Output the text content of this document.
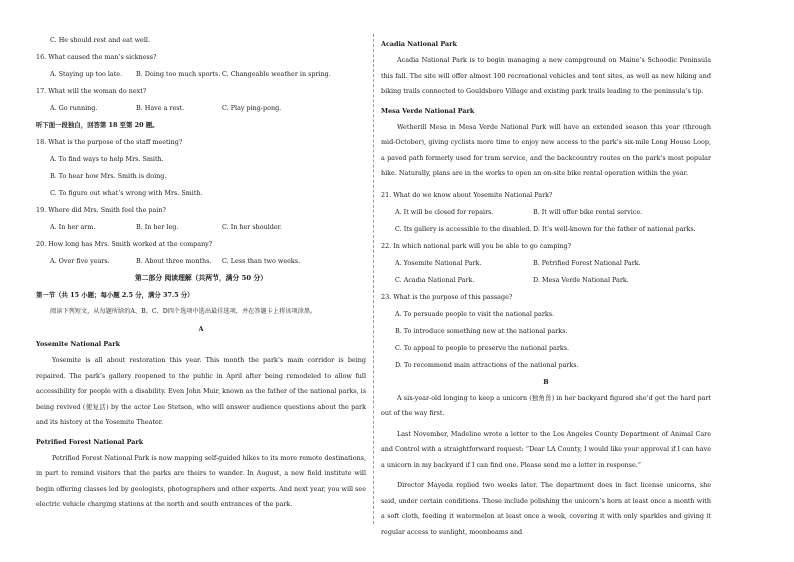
C. He should rest and eat well.
16. What caused the man’s sickness?
A. Staying up too late.	B. Doing too much sports. C. Changeable weather in spring.
17. What will the woman do next?
A. Go running.	B. Have a rest.	C. Play ping-pong.
听下面一段独白，回答第 18 至第 20 题。
18. What is the purpose of the staff meeting?
A. To find ways to help Mrs. Smith.
B. To hear how Mrs. Smith is doing.
C. To figure out what’s wrong with Mrs. Smith.
19. Where did Mrs. Smith feel the pain?
A. In her arm.	B. In her leg.	C. In her shoulder.
20. How long has Mrs. Smith worked at the company?
A. Over five years.	B. About three months.	C. Less than two weeks.
第二部分 阅读理解（共两节，满分 50 分）
第一节（共 15 小题；每小题 2.5 分，满分 37.5 分）
阅读下列短文，从每题所给的A、B、C、D四个选项中选出最佳选项，并在答题卡上将该项涂黑。
A
Yosemite National Park
Yosemite is all about restoration this year. This month the park’s main corridor is being repaired. The park’s gallery reopened to the public in April after being remodeled to allow full accessibility for people with a disability. Even John Muir, known as the father of the national parks, is being revived (使复活) by the actor Lee Stetson, who will answer audience questions about the park and its history at the Yosemite Theater.
Petrified Forest National Park
Petrified Forest National Park is now mapping self-guided hikes to its more remote destinations, in part to remind visitors that the parks are theirs to wander. In August, a new field institute will begin offering classes led by geologists, photographers and other experts. And next year, you will see electric vehicle charging stations at the north and south entrances of the park.
Acadia National Park
Acadia National Park is to begin managing a new campground on Maine’s Schoodic Peninsula this fall. The site will offer almost 100 recreational vehicles and tent sites, as well as new hiking and biking trails connected to Gouldsboro Village and existing park trails leading to the peninsula’s tip.
Mesa Verde National Park
Wetherill Mesa in Mesa Verde National Park will have an extended season this year (through mid-October), giving cyclists more time to enjoy new access to the park’s six-mile Long House Loop, a paved path formerly used for tram service, and the backcountry routes on the park’s most popular hike. Naturally, plans are in the works to open an on-site bike rental operation within the year.
21. What do we know about Yosemite National Park?
A. It will be closed for repairs.	B. It will offer bike rental service.
C. Its gallery is accessible to the disabled. D. It’s well-known for the father of national parks.
22. In which national park will you be able to go camping?
A. Yosemite National Park.	B. Petrified Forest National Park.
C. Acadia National Park.	D. Mesa Verde National Park.
23. What is the purpose of this passage?
A. To persuade people to visit the national parks.
B. To introduce something new at the national parks.
C. To appeal to people to preserve the national parks.
D. To recommend main attractions of the national parks.
B
A six-year-old longing to keep a unicorn (独角兽) in her backyard figured she’d get the hard part out of the way first.
Last November, Madeline wrote a letter to the Los Angeles County Department of Animal Care and Control with a straightforward request: “Dear LA County, I would like your approval if I can have a unicorn in my backyard if I can find one. Please send me a letter in response.”
Director Mayeda replied two weeks later. The department does in fact license unicorns, she said, under certain conditions. Those include polishing the unicorn’s horn at least once a month with a soft cloth, feeding it watermelon at least once a week, covering it with only sparkles and giving it regular access to sunlight, moonbeams and
